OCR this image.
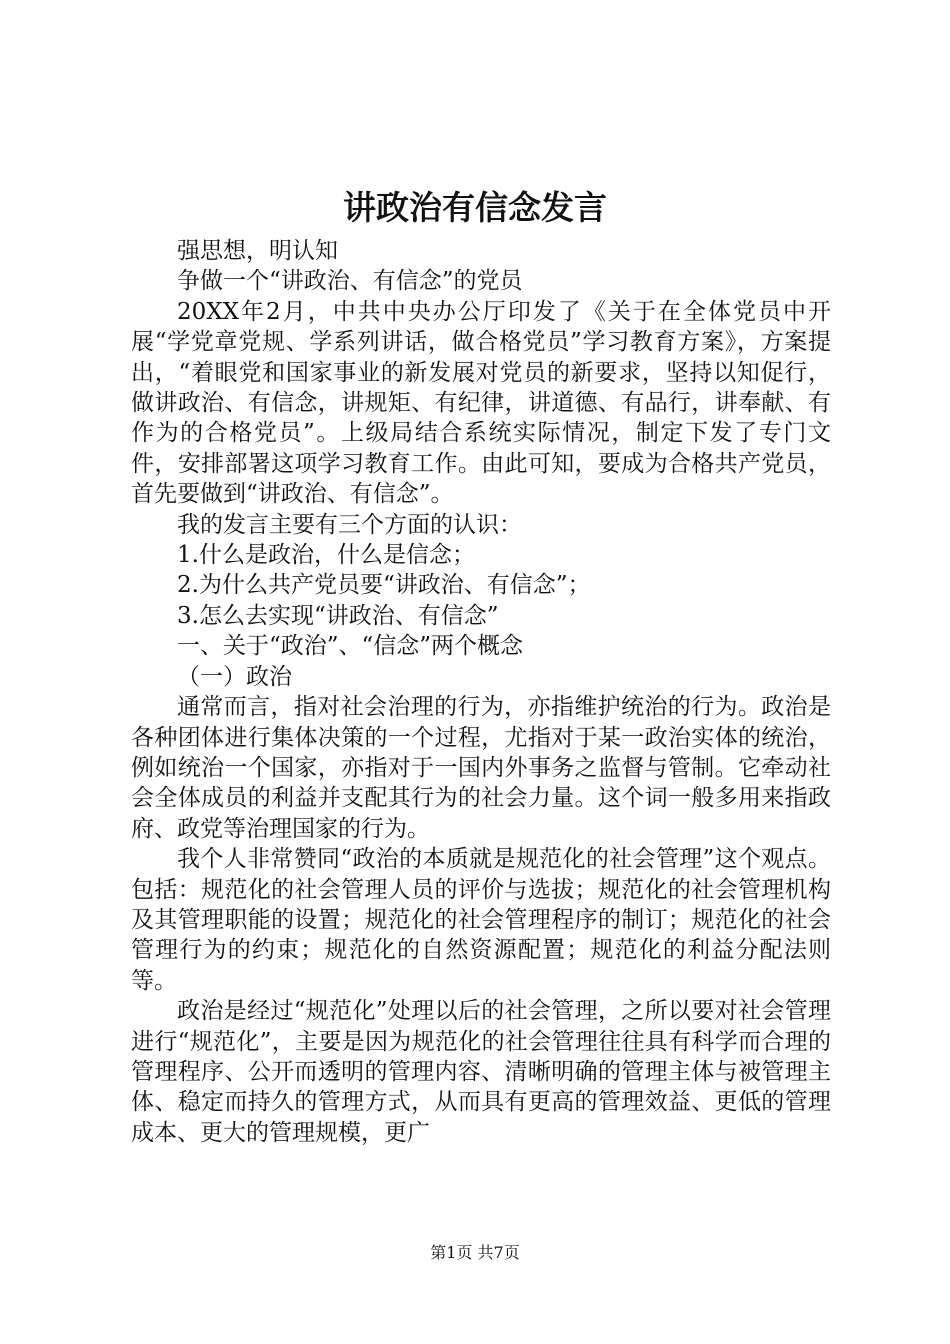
讲政治有信念发言

强思想，明认知

争做一个“讲政治、有信念”的党员

20XX年2月，中共中央办公厅印发了《关于在全体党员中开展“学党章党规、学系列讲话，做合格党员”学习教育方案》，方案提出，“着眼党和国家事业的新发展对党员的新要求，坚持以知促行，做讲政治、有信念，讲规矩、有纪律，讲道德、有品行，讲奉献、有作为的合格党员”。上级局结合系统实际情况，制定下发了专门文件，安排部署这项学习教育工作。由此可知，要成为合格共产党员，首先要做到“讲政治、有信念”。

我的发言主要有三个方面的认识：

1.什么是政治，什么是信念；

2.为什么共产党员要“讲政治、有信念”；

3.怎么去实现“讲政治、有信念”

一、关于“政治”、“信念”两个概念

（一）政治

通常而言，指对社会治理的行为，亦指维护统治的行为。政治是各种团体进行集体决策的一个过程，尤指对于某一政治实体的统治，例如统治一个国家，亦指对于一国内外事务之监督与管制。它牵动社会全体成员的利益并支配其行为的社会力量。这个词一般多用来指政府、政党等治理国家的行为。

我个人非常赞同“政治的本质就是规范化的社会管理”这个观点。包括：规范化的社会管理人员的评价与选拔；规范化的社会管理机构及其管理职能的设置；规范化的社会管理程序的制订；规范化的社会管理行为的约束；规范化的自然资源配置；规范化的利益分配法则等。

政治是经过“规范化”处理以后的社会管理，之所以要对社会管理进行“规范化”，主要是因为规范化的社会管理往往具有科学而合理的管理程序、公开而透明的管理内容、清晰明确的管理主体与被管理主体、稳定而持久的管理方式，从而具有更高的管理效益、更低的管理成本、更大的管理规模，更广

第1页 共7页
